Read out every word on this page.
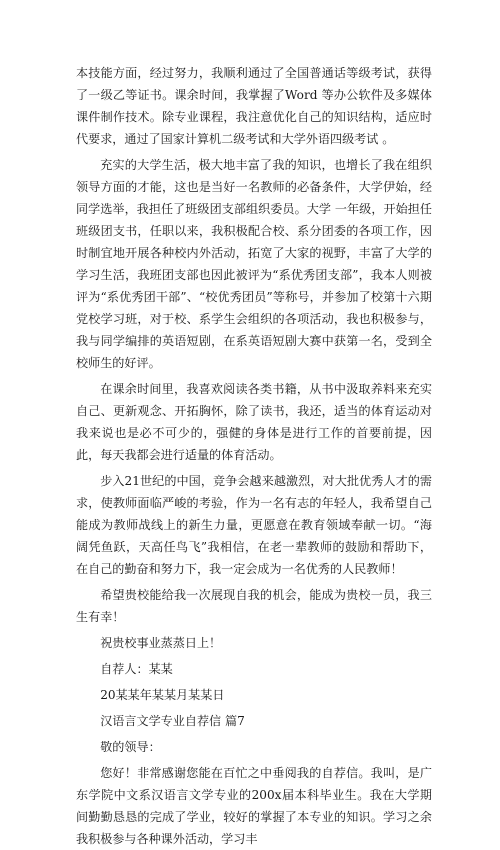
本技能方面，经过努力，我顺利通过了全国普通话等级考试，获得了一级乙等证书。课余时间，我掌握了Word 等办公软件及多媒体课件制作技术。除专业课程，我注意优化自己的知识结构，适应时代要求，通过了国家计算机二级考试和大学外语四级考试 。

充实的大学生活，极大地丰富了我的知识，也增长了我在组织领导方面的才能，这也是当好一名教师的必备条件，大学伊始，经同学选举，我担任了班级团支部组织委员。大学 一年级，开始担任班级团支书，任职以来，我积极配合校、系分团委的各项工作，因时制宜地开展各种校内外活动，拓宽了大家的视野，丰富了大学的学习生活，我班团支部也因此被评为“系优秀团支部”，我本人则被评为“系优秀团干部”、“校优秀团员”等称号，并参加了校第十六期党校学习班，对于校、系学生会组织的各项活动，我也积极参与，我与同学编排的英语短剧，在系英语短剧大赛中获第一名，受到全校师生的好评。

在课余时间里，我喜欢阅读各类书籍，从书中汲取养料来充实自己、更新观念、开拓胸怀，除了读书，我还，适当的体育运动对我来说也是必不可少的，强健的身体是进行工作的首要前提，因此，每天我都会进行适量的体育活动。

步入21世纪的中国，竞争会越来越激烈，对大批优秀人才的需求，使教师面临严峻的考验，作为一名有志的年轻人，我希望自己能成为教师战线上的新生力量，更愿意在教育领域奉献一切。“海阔凭鱼跃，天高任鸟飞”我相信，在老一辈教师的鼓励和帮助下，在自己的勤奋和努力下，我一定会成为一名优秀的人民教师！

希望贵校能给我一次展现自我的机会，能成为贵校一员，我三生有幸！

祝贵校事业蒸蒸日上！

自荐人：某某

20某某年某某月某某日

汉语言文学专业自荐信 篇7

敬的领导：

您好！非常感谢您能在百忙之中垂阅我的自荐信。我叫，是广东学院中文系汉语言文学专业的200x届本科毕业生。我在大学期间勤勤恳恳的完成了学业，较好的掌握了本专业的知识。学习之余我积极参与各种课外活动，学习丰
